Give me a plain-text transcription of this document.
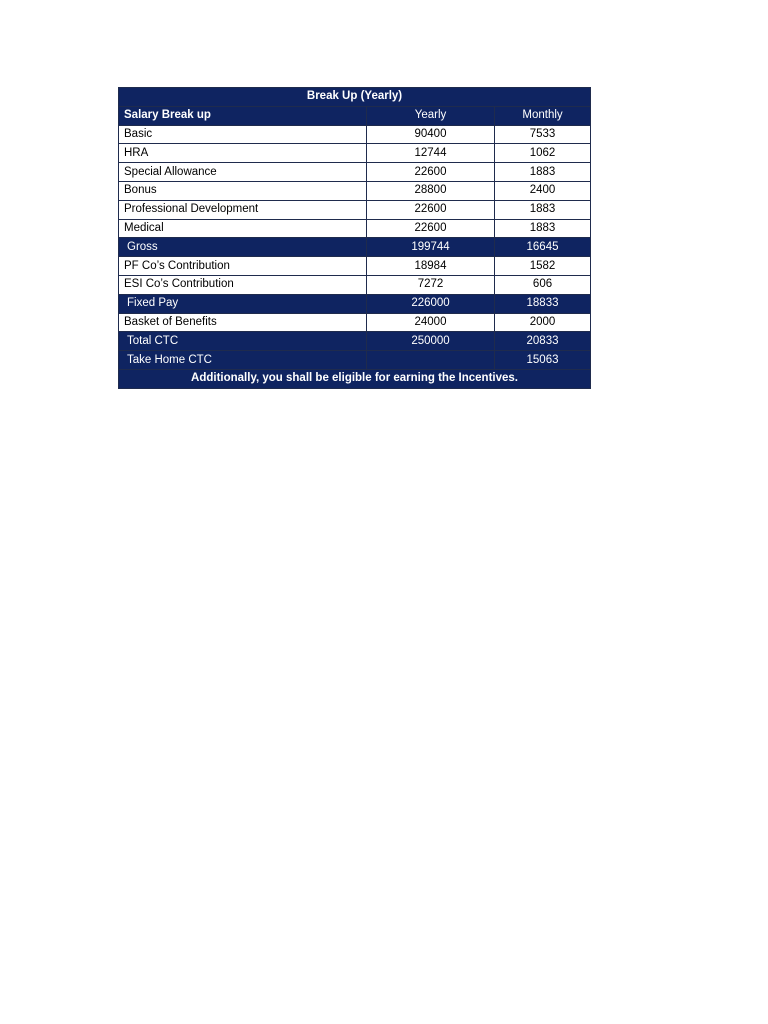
Break Up (Yearly)		
Salary Break up	Yearly	Monthly
Basic	90400	7533
HRA	12744	1062
Special Allowance	22600	1883
Bonus	28800	2400
Professional Development	22600	1883
Medical	22600	1883
Gross	199744	16645
PF Co’s Contribution	18984	1582
ESI Co’s Contribution	7272	606
Fixed Pay	226000	18833
Basket of Benefits	24000	2000
Total CTC	250000	20833
Take Home CTC		15063
Additionally, you shall be eligible for earning the Incentives.		
